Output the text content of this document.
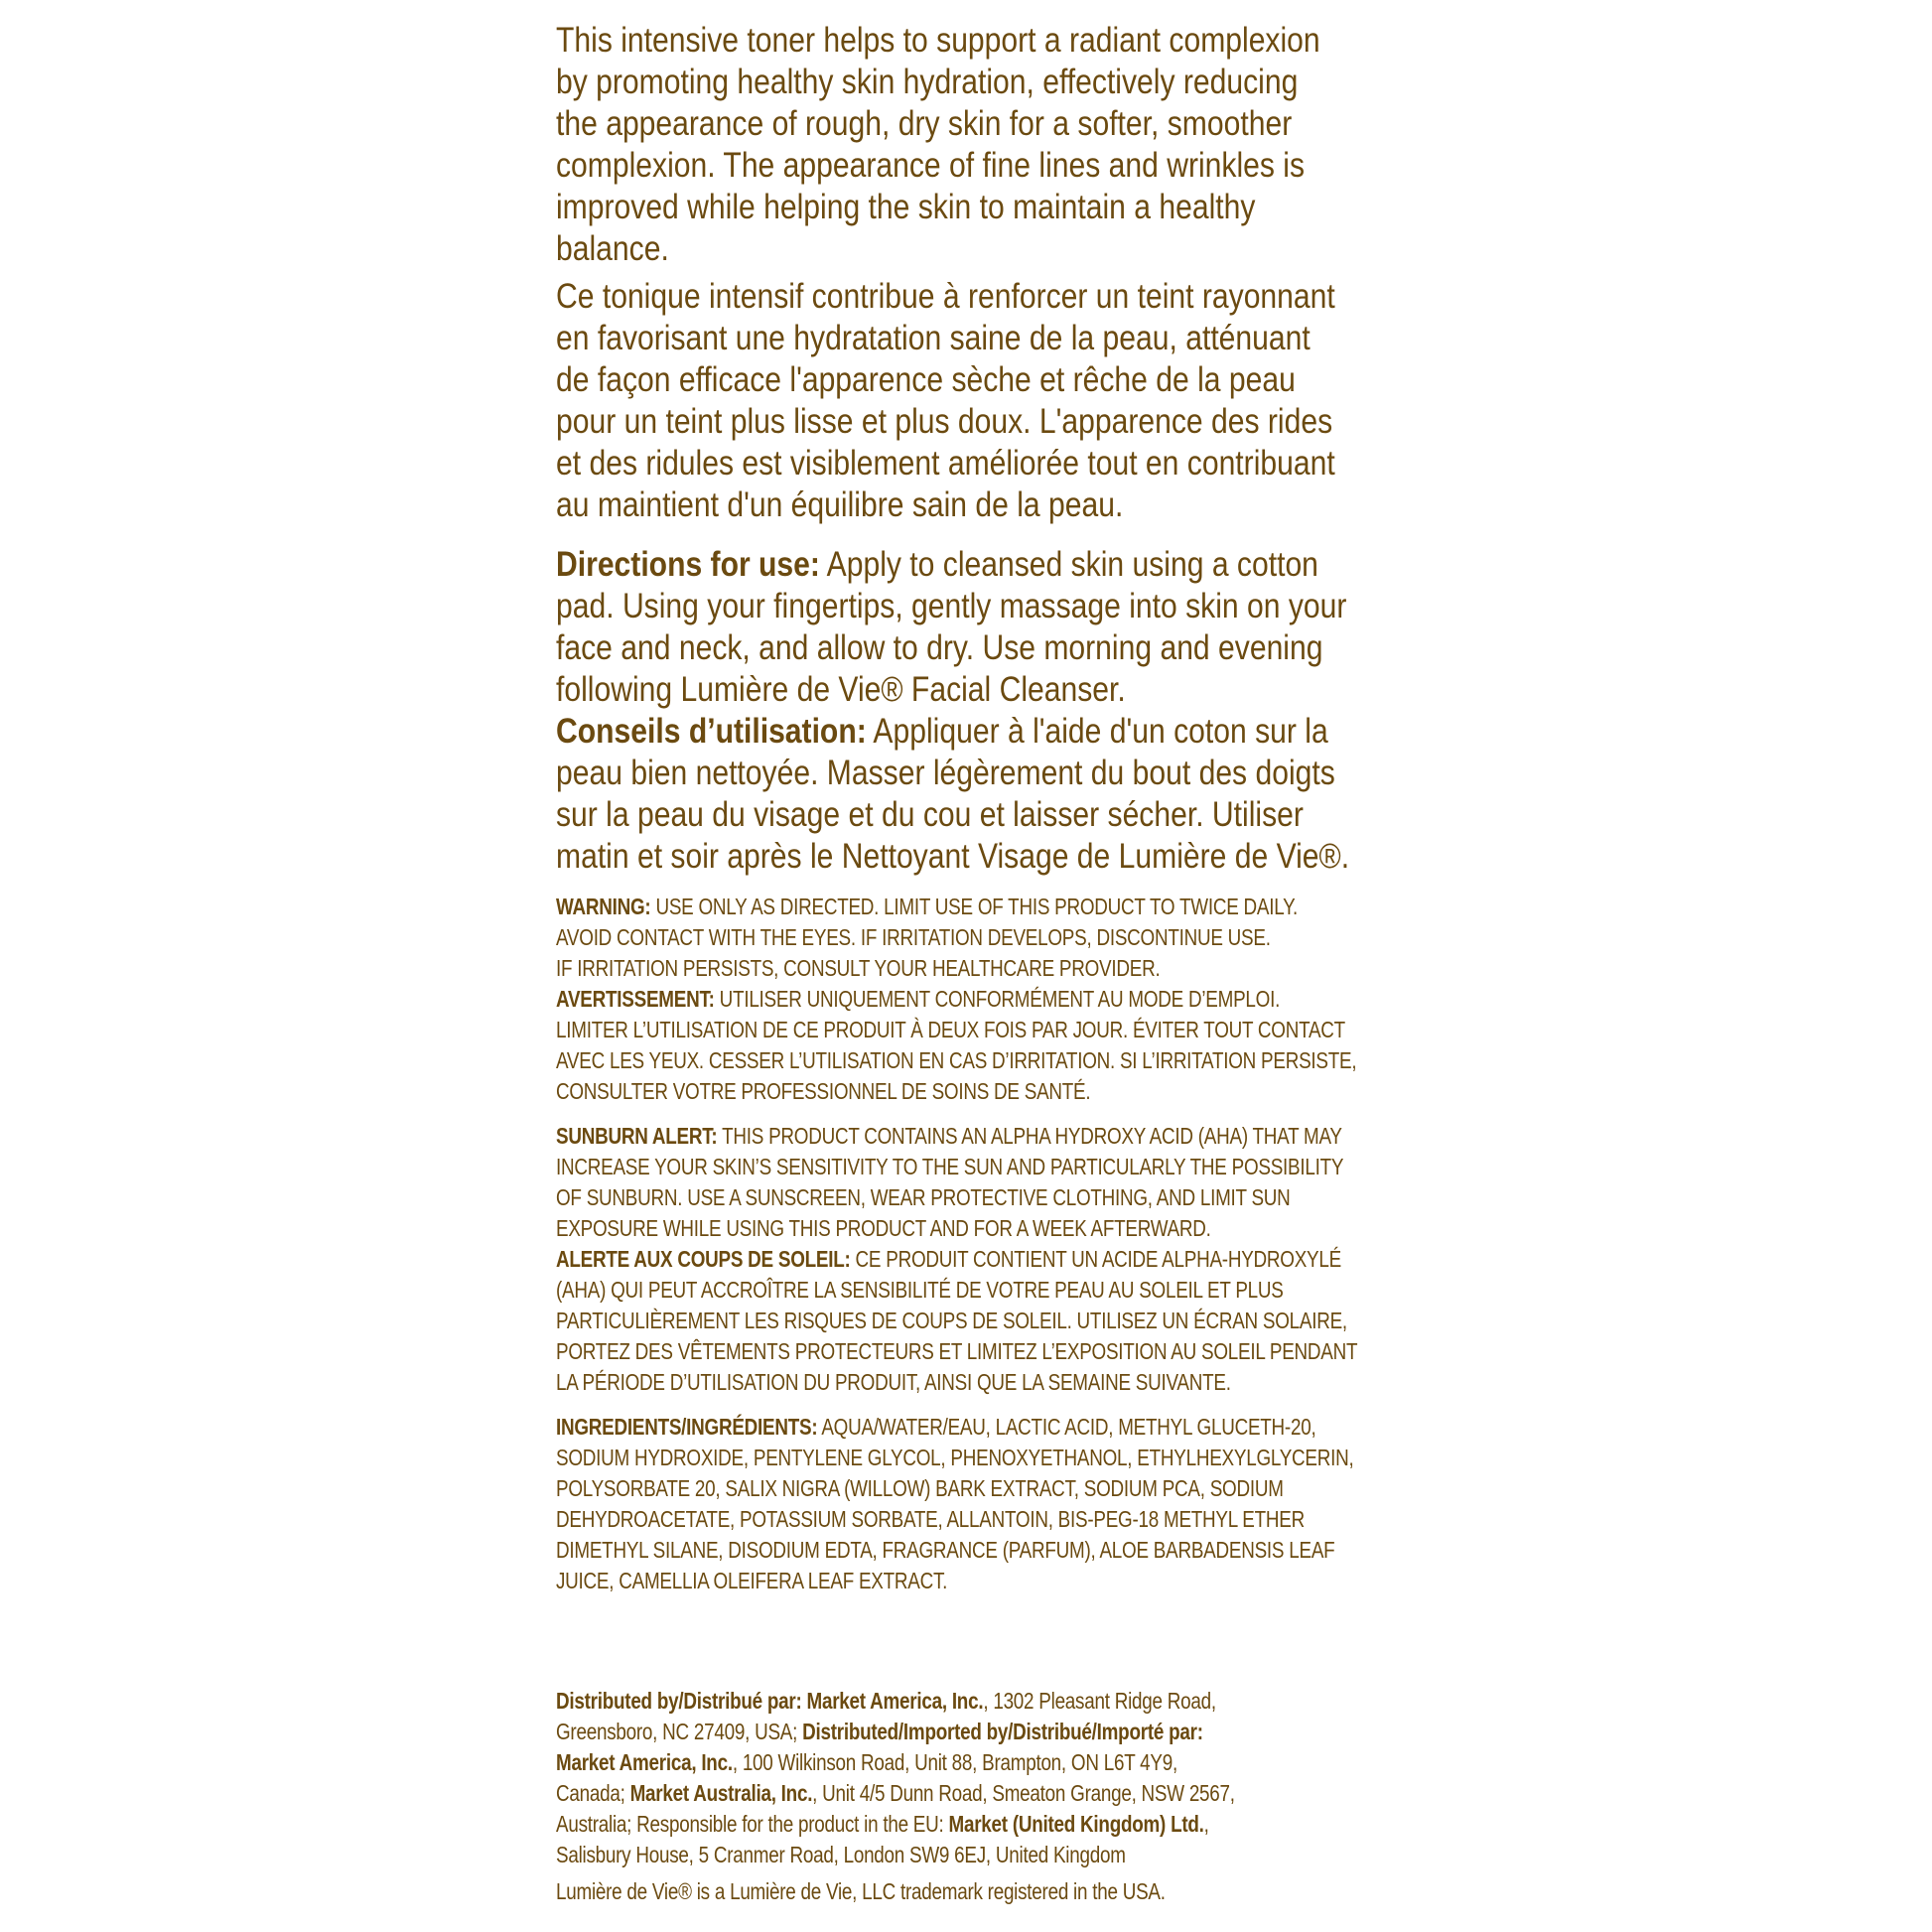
This intensive toner helps to support a radiant complexion
by promoting healthy skin hydration, effectively reducing
the appearance of rough, dry skin for a softer, smoother
complexion. The appearance of fine lines and wrinkles is
improved while helping the skin to maintain a healthy
balance.
Ce tonique intensif contribue à renforcer un teint rayonnant
en favorisant une hydratation saine de la peau, atténuant
de façon efficace l'apparence sèche et rêche de la peau
pour un teint plus lisse et plus doux. L'apparence des rides
et des ridules est visiblement améliorée tout en contribuant
au maintient d'un équilibre sain de la peau.
Directions for use: Apply to cleansed skin using a cotton
pad. Using your fingertips, gently massage into skin on your
face and neck, and allow to dry. Use morning and evening
following Lumière de Vie® Facial Cleanser.
Conseils d’utilisation: Appliquer à l'aide d'un coton sur la
peau bien nettoyée. Masser légèrement du bout des doigts
sur la peau du visage et du cou et laisser sécher. Utiliser
matin et soir après le Nettoyant Visage de Lumière de Vie®.
WARNING: USE ONLY AS DIRECTED. LIMIT USE OF THIS PRODUCT TO TWICE DAILY.
AVOID CONTACT WITH THE EYES. IF IRRITATION DEVELOPS, DISCONTINUE USE.
IF IRRITATION PERSISTS, CONSULT YOUR HEALTHCARE PROVIDER.
AVERTISSEMENT: UTILISER UNIQUEMENT CONFORMÉMENT AU MODE D’EMPLOI.
LIMITER L’UTILISATION DE CE PRODUIT À DEUX FOIS PAR JOUR. ÉVITER TOUT CONTACT
AVEC LES YEUX. CESSER L’UTILISATION EN CAS D’IRRITATION. SI L’IRRITATION PERSISTE,
CONSULTER VOTRE PROFESSIONNEL DE SOINS DE SANTÉ.
SUNBURN ALERT: THIS PRODUCT CONTAINS AN ALPHA HYDROXY ACID (AHA) THAT MAY
INCREASE YOUR SKIN’S SENSITIVITY TO THE SUN AND PARTICULARLY THE POSSIBILITY
OF SUNBURN. USE A SUNSCREEN, WEAR PROTECTIVE CLOTHING, AND LIMIT SUN
EXPOSURE WHILE USING THIS PRODUCT AND FOR A WEEK AFTERWARD.
ALERTE AUX COUPS DE SOLEIL: CE PRODUIT CONTIENT UN ACIDE ALPHA-HYDROXYLÉ
(AHA) QUI PEUT ACCROÎTRE LA SENSIBILITÉ DE VOTRE PEAU AU SOLEIL ET PLUS
PARTICULIÈREMENT LES RISQUES DE COUPS DE SOLEIL. UTILISEZ UN ÉCRAN SOLAIRE,
PORTEZ DES VÊTEMENTS PROTECTEURS ET LIMITEZ L’EXPOSITION AU SOLEIL PENDANT
LA PÉRIODE D’UTILISATION DU PRODUIT, AINSI QUE LA SEMAINE SUIVANTE.
INGREDIENTS/INGRÉDIENTS: AQUA/WATER/EAU, LACTIC ACID, METHYL GLUCETH-20,
SODIUM HYDROXIDE, PENTYLENE GLYCOL, PHENOXYETHANOL, ETHYLHEXYLGLYCERIN,
POLYSORBATE 20, SALIX NIGRA (WILLOW) BARK EXTRACT, SODIUM PCA, SODIUM
DEHYDROACETATE, POTASSIUM SORBATE, ALLANTOIN, BIS-PEG-18 METHYL ETHER
DIMETHYL SILANE, DISODIUM EDTA, FRAGRANCE (PARFUM), ALOE BARBADENSIS LEAF
JUICE, CAMELLIA OLEIFERA LEAF EXTRACT.
Distributed by/Distribué par: Market America, Inc., 1302 Pleasant Ridge Road,
Greensboro, NC 27409, USA; Distributed/Imported by/Distribué/Importé par:
Market America, Inc., 100 Wilkinson Road, Unit 88, Brampton, ON L6T 4Y9,
Canada; Market Australia, Inc., Unit 4/5 Dunn Road, Smeaton Grange, NSW 2567,
Australia; Responsible for the product in the EU: Market (United Kingdom) Ltd.,
Salisbury House, 5 Cranmer Road, London SW9 6EJ, United Kingdom
Lumière de Vie® is a Lumière de Vie, LLC trademark registered in the USA.
